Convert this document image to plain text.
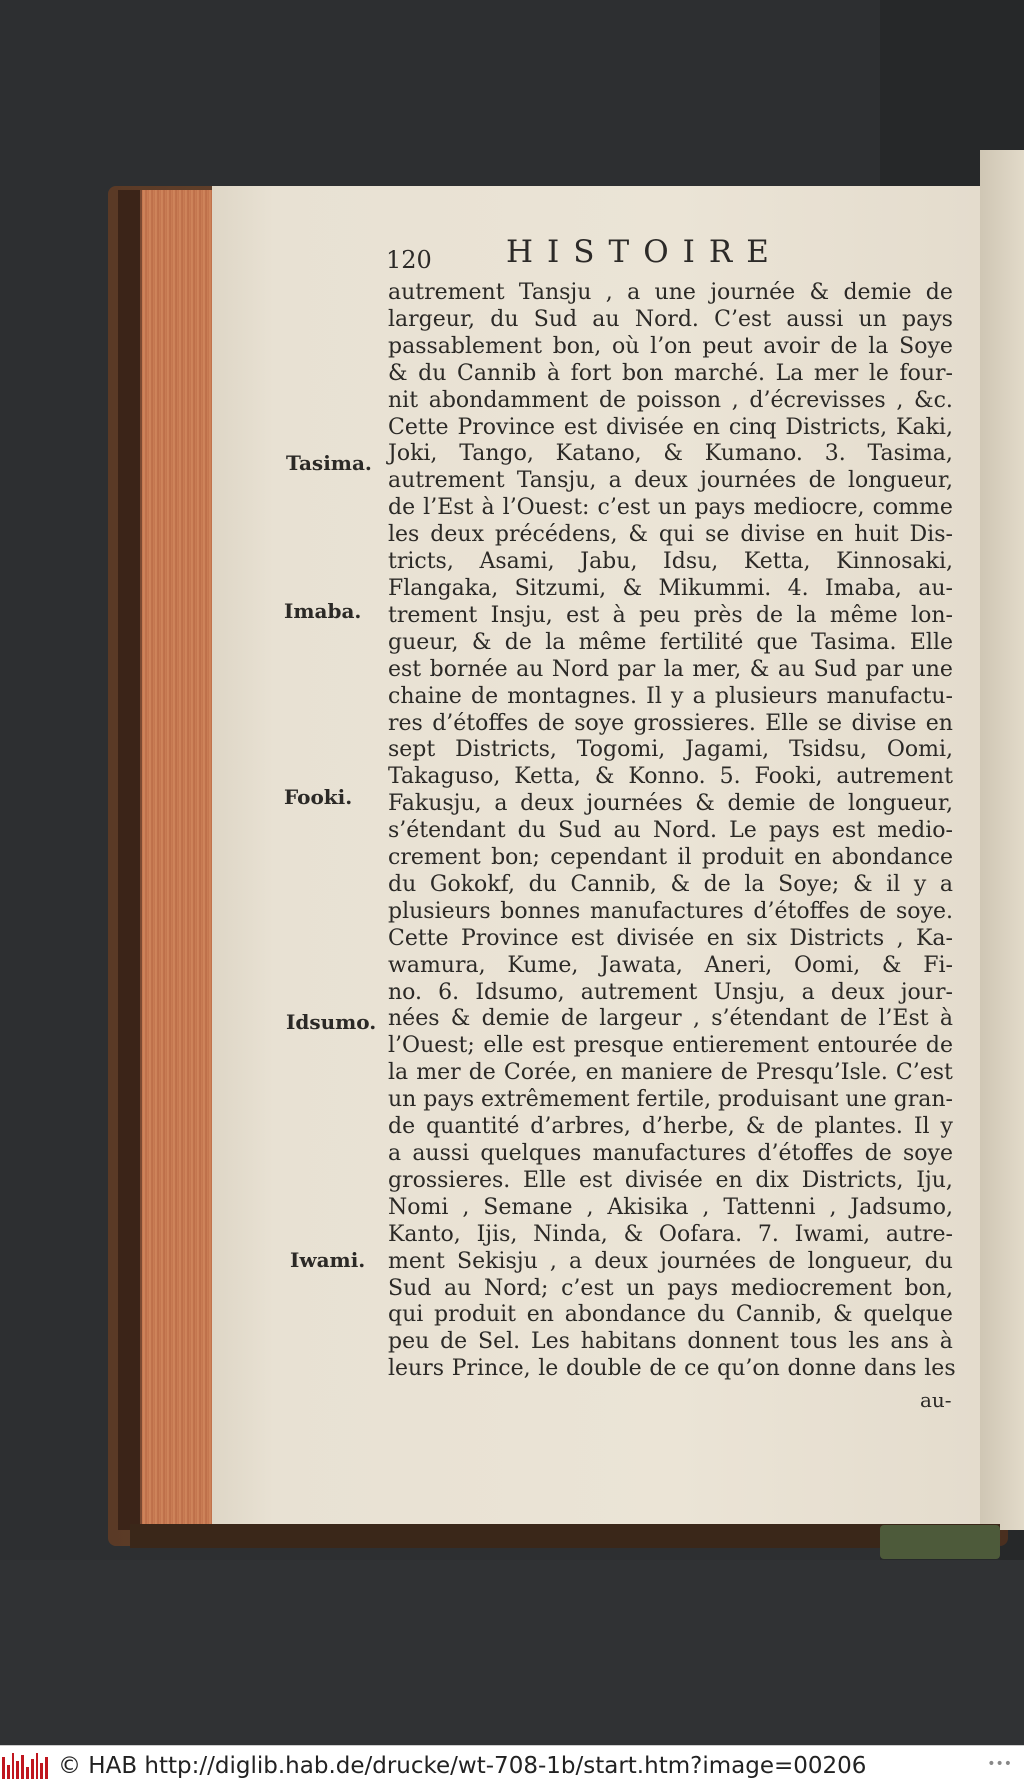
120 HISTOIRE
Tasima.
Imaba.
Fooki.
Idsumo.
Iwami.
autrement Tansju , a une journée & demie de
largeur, du Sud au Nord. C’est aussi un pays
passablement bon, où l’on peut avoir de la Soye
& du Cannib à fort bon marché. La mer le four-
nit abondamment de poisson , d’écrevisses , &c.
Cette Province est divisée en cinq Districts, Kaki,
Joki, Tango, Katano, & Kumano. 3. Tasima,
autrement Tansju, a deux journées de longueur,
de l’Est à l’Ouest: c’est un pays mediocre, comme
les deux précédens, & qui se divise en huit Dis-
tricts, Asami, Jabu, Idsu, Ketta, Kinnosaki,
Flangaka, Sitzumi, & Mikummi. 4. Imaba, au-
trement Insju, est à peu près de la même lon-
gueur, & de la même fertilité que Tasima. Elle
est bornée au Nord par la mer, & au Sud par une
chaine de montagnes. Il y a plusieurs manufactu-
res d’étoffes de soye grossieres. Elle se divise en
sept Districts, Togomi, Jagami, Tsidsu, Oomi,
Takaguso, Ketta, & Konno. 5. Fooki, autrement
Fakusju, a deux journées & demie de longueur,
s’étendant du Sud au Nord. Le pays est medio-
crement bon; cependant il produit en abondance
du Gokokf, du Cannib, & de la Soye; & il y a
plusieurs bonnes manufactures d’étoffes de soye.
Cette Province est divisée en six Districts , Ka-
wamura, Kume, Jawata, Aneri, Oomi, & Fi-
no. 6. Idsumo, autrement Unsju, a deux jour-
nées & demie de largeur , s’étendant de l’Est à
l’Ouest; elle est presque entierement entourée de
la mer de Corée, en maniere de Presqu’Isle. C’est
un pays extrêmement fertile, produisant une gran-
de quantité d’arbres, d’herbe, & de plantes. Il y
a aussi quelques manufactures d’étoffes de soye
grossieres. Elle est divisée en dix Districts, Iju,
Nomi , Semane , Akisika , Tattenni , Jadsumo,
Kanto, Ijis, Ninda, & Oofara. 7. Iwami, autre-
ment Sekisju , a deux journées de longueur, du
Sud au Nord; c’est un pays mediocrement bon,
qui produit en abondance du Cannib, & quelque
peu de Sel. Les habitans donnent tous les ans à
leurs Prince, le double de ce qu’on donne dans les
au-
© HAB http://diglib.hab.de/drucke/wt-708-1b/start.htm?image=00206	•••
